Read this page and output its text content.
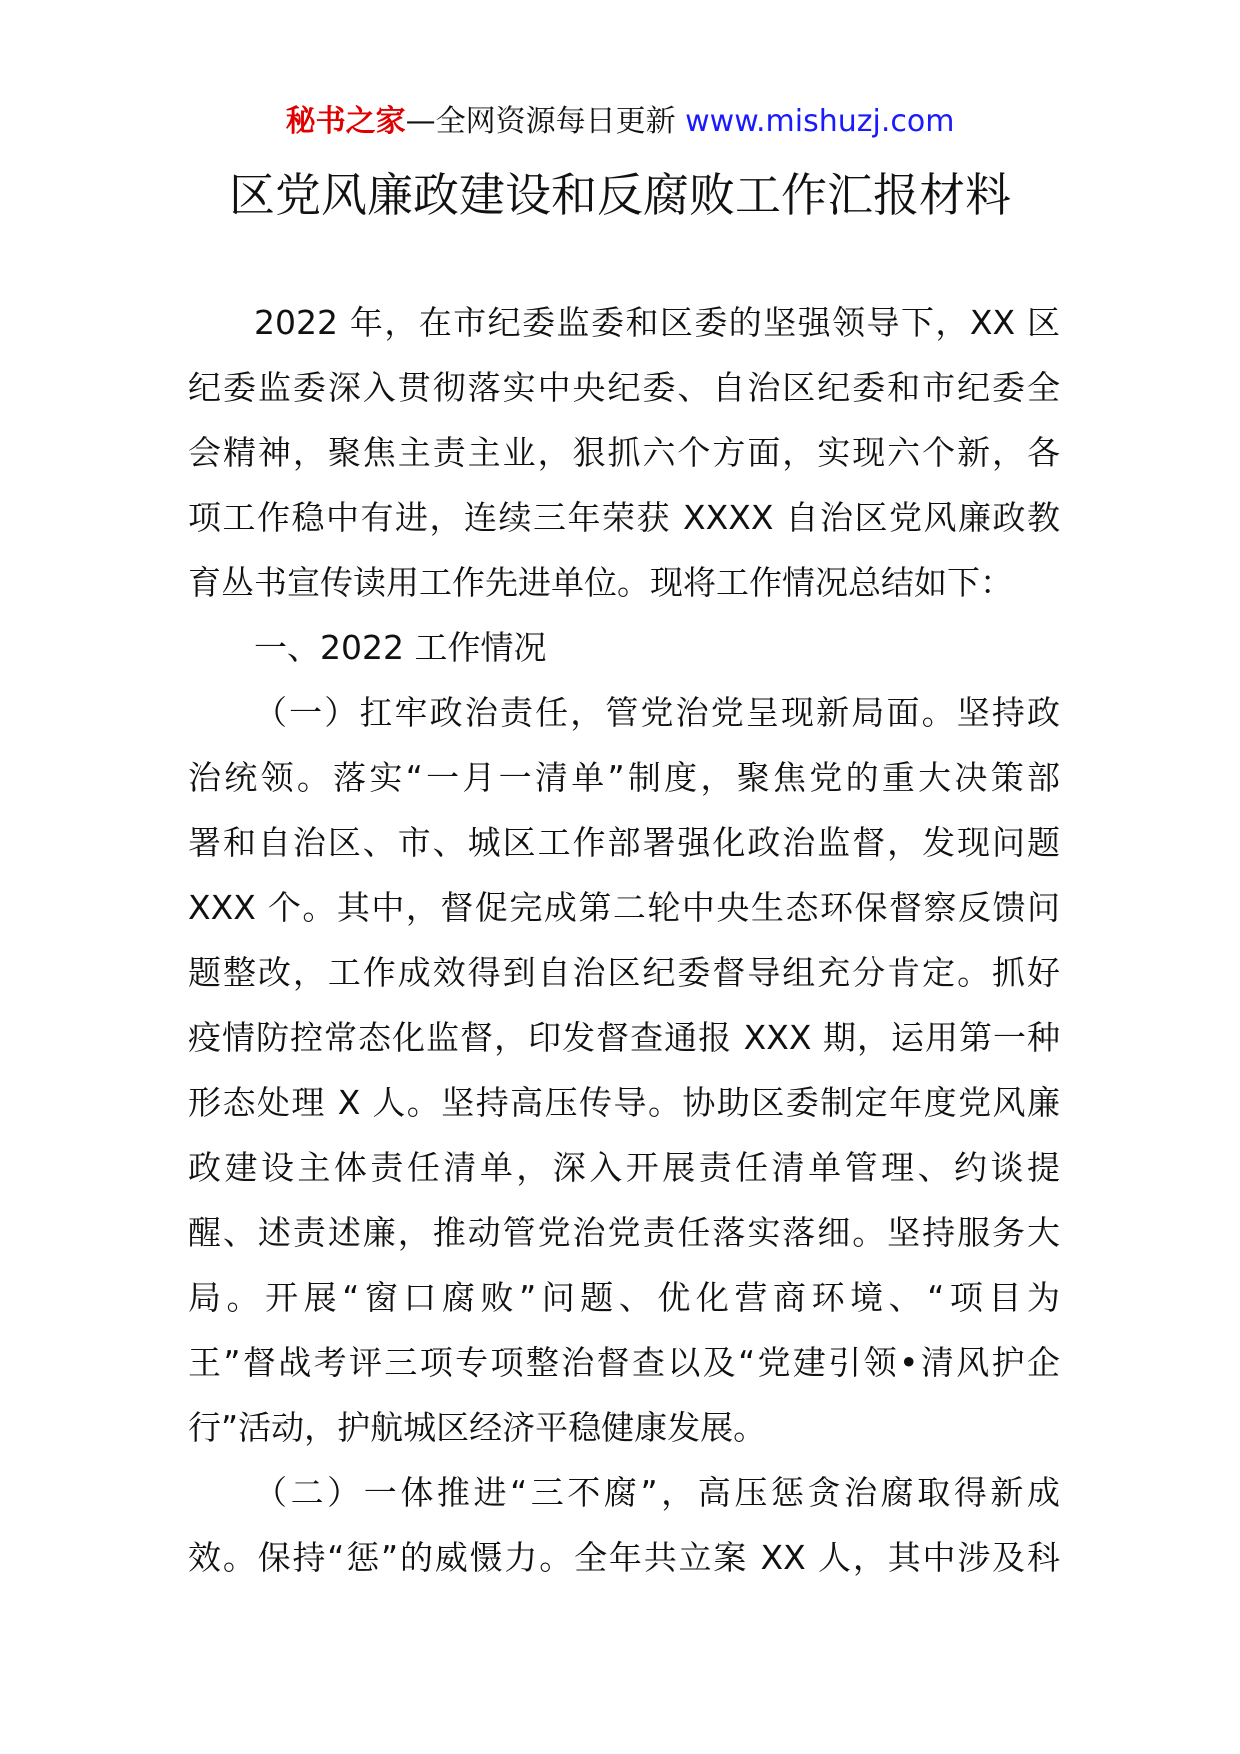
秘书之家—全网资源每日更新 www.mishuzj.com
区党风廉政建设和反腐败工作汇报材料
2022 年，在市纪委监委和区委的坚强领导下，XX 区
纪委监委深入贯彻落实中央纪委、自治区纪委和市纪委全
会精神，聚焦主责主业，狠抓六个方面，实现六个新，各
项工作稳中有进，连续三年荣获 XXXX 自治区党风廉政教
育丛书宣传读用工作先进单位。现将工作情况总结如下：
一、2022 工作情况
（一）扛牢政治责任，管党治党呈现新局面。坚持政
治统领。落实“一月一清单”制度，聚焦党的重大决策部
署和自治区、市、城区工作部署强化政治监督，发现问题
XXX 个。其中，督促完成第二轮中央生态环保督察反馈问
题整改，工作成效得到自治区纪委督导组充分肯定。抓好
疫情防控常态化监督，印发督查通报 XXX 期，运用第一种
形态处理 X 人。坚持高压传导。协助区委制定年度党风廉
政建设主体责任清单，深入开展责任清单管理、约谈提
醒、述责述廉，推动管党治党责任落实落细。坚持服务大
局。开展“窗口腐败”问题、优化营商环境、“项目为
王”督战考评三项专项整治督查以及“党建引领•清风护企
行”活动，护航城区经济平稳健康发展。
（二）一体推进“三不腐”，高压惩贪治腐取得新成
效。保持“惩”的威慑力。全年共立案 XX 人，其中涉及科
